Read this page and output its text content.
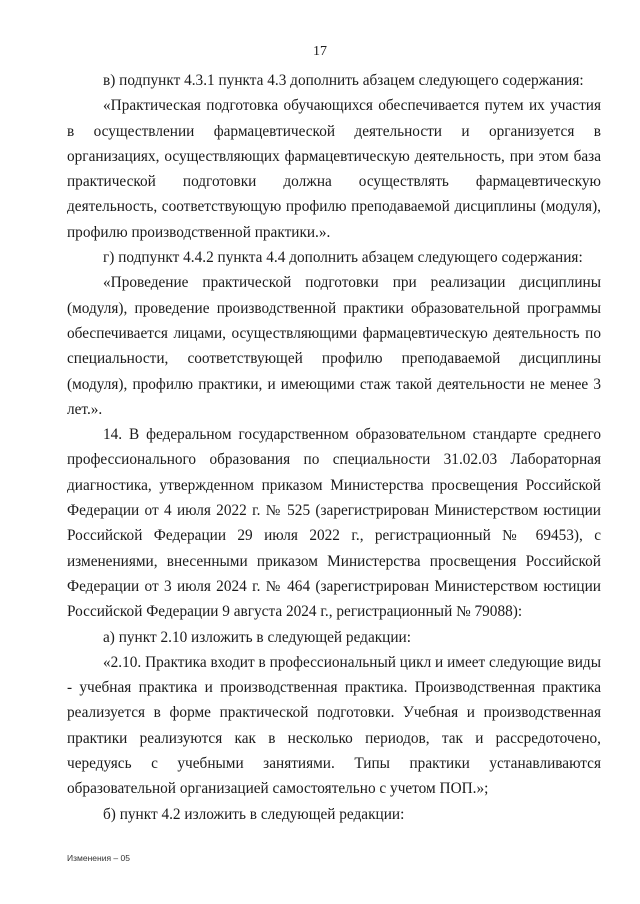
17

в) подпункт 4.3.1 пункта 4.3 дополнить абзацем следующего содержания:

«Практическая подготовка обучающихся обеспечивается путем их участия в осуществлении фармацевтической деятельности и организуется в организациях, осуществляющих фармацевтическую деятельность, при этом база практической подготовки должна осуществлять фармацевтическую деятельность, соответствующую профилю преподаваемой дисциплины (модуля), профилю производственной практики.».

г) подпункт 4.4.2 пункта 4.4 дополнить абзацем следующего содержания:

«Проведение практической подготовки при реализации дисциплины (модуля), проведение производственной практики образовательной программы обеспечивается лицами, осуществляющими фармацевтическую деятельность по специальности, соответствующей профилю преподаваемой дисциплины (модуля), профилю практики, и имеющими стаж такой деятельности не менее 3 лет.».

14. В федеральном государственном образовательном стандарте среднего профессионального образования по специальности 31.02.03 Лабораторная диагностика, утвержденном приказом Министерства просвещения Российской Федерации от 4 июля 2022 г. № 525 (зарегистрирован Министерством юстиции Российской Федерации 29 июля 2022 г., регистрационный № 69453), с изменениями, внесенными приказом Министерства просвещения Российской Федерации от 3 июля 2024 г. № 464 (зарегистрирован Министерством юстиции Российской Федерации 9 августа 2024 г., регистрационный № 79088):

а) пункт 2.10 изложить в следующей редакции:

«2.10. Практика входит в профессиональный цикл и имеет следующие виды - учебная практика и производственная практика. Производственная практика реализуется в форме практической подготовки. Учебная и производственная практики реализуются как в несколько периодов, так и рассредоточено, чередуясь с учебными занятиями. Типы практики устанавливаются образовательной организацией самостоятельно с учетом ПОП.»;

б) пункт 4.2 изложить в следующей редакции:

Изменения – 05
